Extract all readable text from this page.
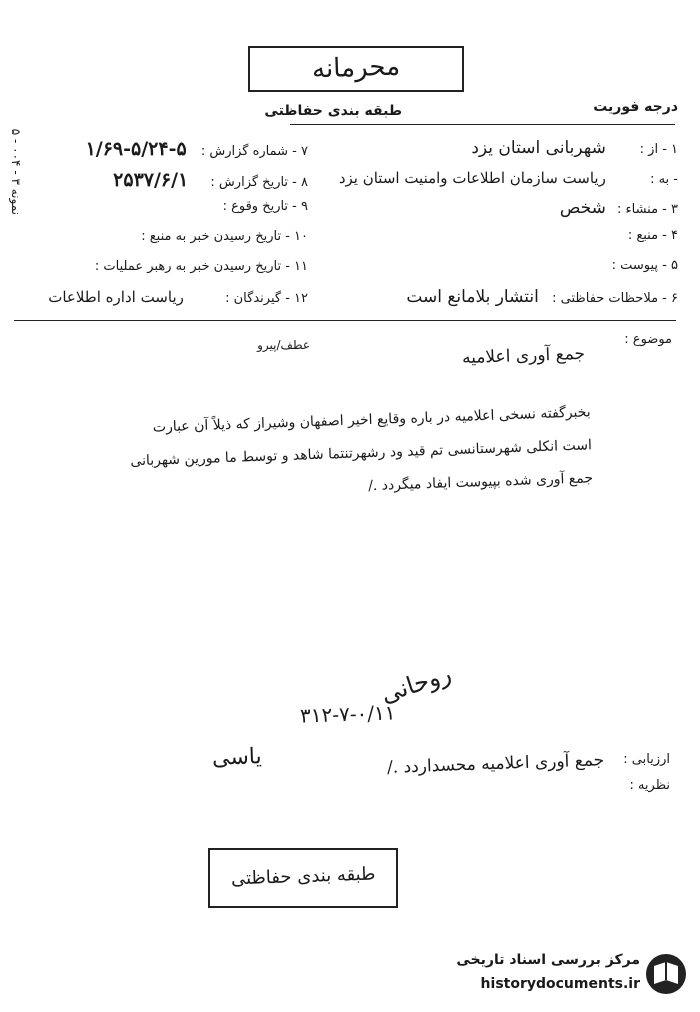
محرمانه
نمونه ۳ - ۰۰۴ - ۵
درجه فوریت
طبقه بندی حفاظتی
۱ - از : شهربانی استان یزد
- به : ریاست سازمان اطلاعات وامنیت استان یزد
۳ - منشاء : شخص
۴ - منبع :
۵ - پیوست :
۶ - ملاحظات حفاظتی : انتشار بلامانع است
۷ - شماره گزارش : ۵-۵/۲۴-۱/۶۹
۸ - تاریخ گزارش : ۲۵۳۷/۶/۱
۹ - تاریخ وقوع :
۱۰ - تاریخ رسیدن خبر به منبع :
۱۱ - تاریخ رسیدن خبر به رهبر عملیات :
۱۲ - گیرندگان : ریاست اداره اطلاعات
موضوع :
عطف/پیرو	جمع آوری اعلامیه
بخبرگفته نسخی اعلامیه در باره وقایع اخیر اصفهان وشیراز که ذیلاً آن عبارت
است انکلی شهرستانسی تم قید ود رشهرتنتما شاهد و توسط ما مورین شهربانی
جمع آوری شده بپیوست ایفاد میگردد ./
روحانی
۳۱۲-۷-۰/۱۱
یاسی	ارزیابی :
جمع آوری اعلامیه محسداردد ./
نظریه :
طبقه بندی حفاظتی
مرکز بررسی اسناد تاریخی
historydocuments.ir
